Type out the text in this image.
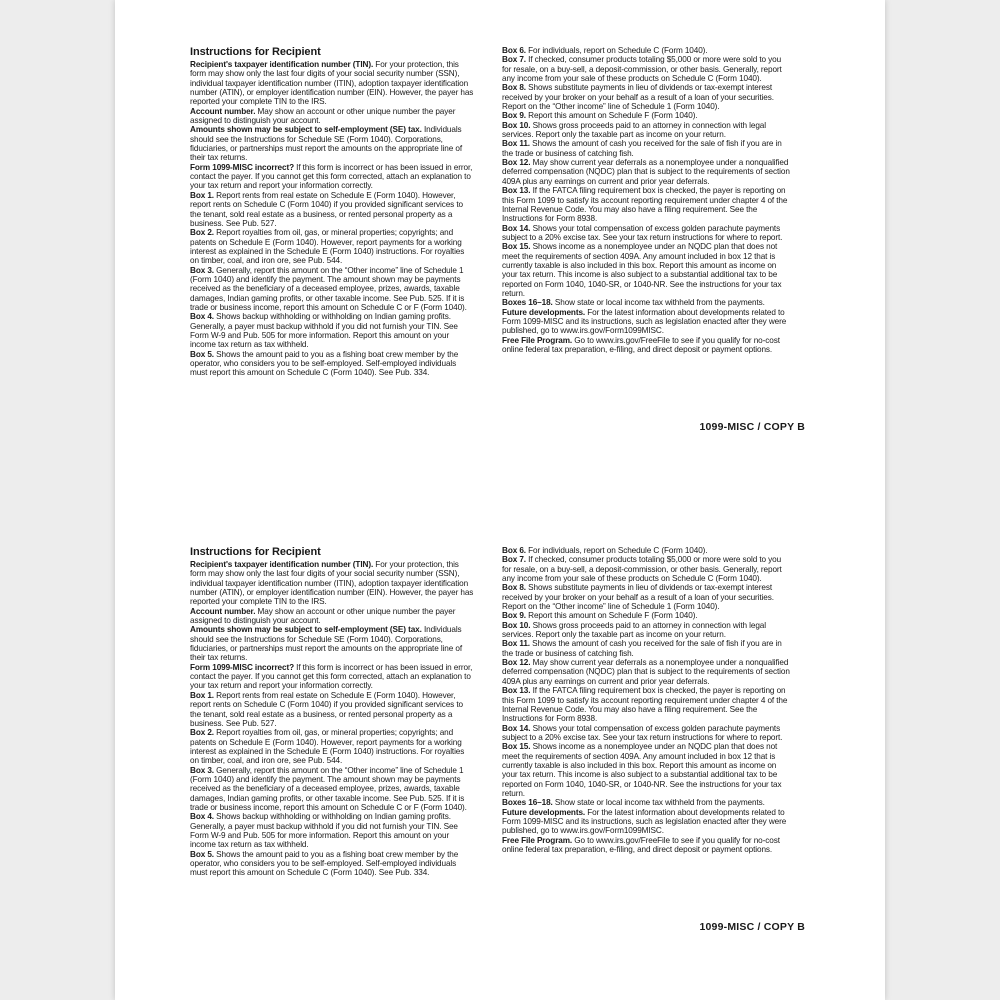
Instructions for Recipient

Recipient's taxpayer identification number (TIN). For your protection, this form may show only the last four digits of your social security number (SSN), individual taxpayer identification number (ITIN), adoption taxpayer identification number (ATIN), or employer identification number (EIN). However, the payer has reported your complete TIN to the IRS.

Account number. May show an account or other unique number the payer assigned to distinguish your account.

Amounts shown may be subject to self-employment (SE) tax. Individuals should see the Instructions for Schedule SE (Form 1040). Corporations, fiduciaries, or partnerships must report the amounts on the appropriate line of their tax returns.

Form 1099-MISC incorrect? If this form is incorrect or has been issued in error, contact the payer. If you cannot get this form corrected, attach an explanation to your tax return and report your information correctly.

Box 1. Report rents from real estate on Schedule E (Form 1040). However, report rents on Schedule C (Form 1040) if you provided significant services to the tenant, sold real estate as a business, or rented personal property as a business. See Pub. 527.

Box 2. Report royalties from oil, gas, or mineral properties; copyrights; and patents on Schedule E (Form 1040). However, report payments for a working interest as explained in the Schedule E (Form 1040) instructions. For royalties on timber, coal, and iron ore, see Pub. 544.

Box 3. Generally, report this amount on the “Other income” line of Schedule 1 (Form 1040) and identify the payment. The amount shown may be payments received as the beneficiary of a deceased employee, prizes, awards, taxable damages, Indian gaming profits, or other taxable income. See Pub. 525. If it is trade or business income, report this amount on Schedule C or F (Form 1040).

Box 4. Shows backup withholding or withholding on Indian gaming profits. Generally, a payer must backup withhold if you did not furnish your TIN. See Form W-9 and Pub. 505 for more information. Report this amount on your income tax return as tax withheld.

Box 5. Shows the amount paid to you as a fishing boat crew member by the operator, who considers you to be self-employed. Self-employed individuals must report this amount on Schedule C (Form 1040). See Pub. 334.

Box 6. For individuals, report on Schedule C (Form 1040).

Box 7. If checked, consumer products totaling $5,000 or more were sold to you for resale, on a buy-sell, a deposit-commission, or other basis. Generally, report any income from your sale of these products on Schedule C (Form 1040).

Box 8. Shows substitute payments in lieu of dividends or tax-exempt interest received by your broker on your behalf as a result of a loan of your securities. Report on the “Other income” line of Schedule 1 (Form 1040).

Box 9. Report this amount on Schedule F (Form 1040).

Box 10. Shows gross proceeds paid to an attorney in connection with legal services. Report only the taxable part as income on your return.

Box 11. Shows the amount of cash you received for the sale of fish if you are in the trade or business of catching fish.

Box 12. May show current year deferrals as a nonemployee under a nonqualified deferred compensation (NQDC) plan that is subject to the requirements of section 409A plus any earnings on current and prior year deferrals.

Box 13. If the FATCA filing requirement box is checked, the payer is reporting on this Form 1099 to satisfy its account reporting requirement under chapter 4 of the Internal Revenue Code. You may also have a filing requirement. See the Instructions for Form 8938.

Box 14. Shows your total compensation of excess golden parachute payments subject to a 20% excise tax. See your tax return instructions for where to report.

Box 15. Shows income as a nonemployee under an NQDC plan that does not meet the requirements of section 409A. Any amount included in box 12 that is currently taxable is also included in this box. Report this amount as income on your tax return. This income is also subject to a substantial additional tax to be reported on Form 1040, 1040-SR, or 1040-NR. See the instructions for your tax return.

Boxes 16–18. Show state or local income tax withheld from the payments.

Future developments. For the latest information about developments related to Form 1099-MISC and its instructions, such as legislation enacted after they were published, go to www.irs.gov/Form1099MISC.

Free File Program. Go to www.irs.gov/FreeFile to see if you qualify for no-cost online federal tax preparation, e-filing, and direct deposit or payment options.

1099-MISC / COPY B
Instructions for Recipient

Recipient's taxpayer identification number (TIN). For your protection, this form may show only the last four digits of your social security number (SSN), individual taxpayer identification number (ITIN), adoption taxpayer identification number (ATIN), or employer identification number (EIN). However, the payer has reported your complete TIN to the IRS.

Account number. May show an account or other unique number the payer assigned to distinguish your account.

Amounts shown may be subject to self-employment (SE) tax. Individuals should see the Instructions for Schedule SE (Form 1040). Corporations, fiduciaries, or partnerships must report the amounts on the appropriate line of their tax returns.

Form 1099-MISC incorrect? If this form is incorrect or has been issued in error, contact the payer. If you cannot get this form corrected, attach an explanation to your tax return and report your information correctly.

Box 1. Report rents from real estate on Schedule E (Form 1040). However, report rents on Schedule C (Form 1040) if you provided significant services to the tenant, sold real estate as a business, or rented personal property as a business. See Pub. 527.

Box 2. Report royalties from oil, gas, or mineral properties; copyrights; and patents on Schedule E (Form 1040). However, report payments for a working interest as explained in the Schedule E (Form 1040) instructions. For royalties on timber, coal, and iron ore, see Pub. 544.

Box 3. Generally, report this amount on the “Other income” line of Schedule 1 (Form 1040) and identify the payment. The amount shown may be payments received as the beneficiary of a deceased employee, prizes, awards, taxable damages, Indian gaming profits, or other taxable income. See Pub. 525. If it is trade or business income, report this amount on Schedule C or F (Form 1040).

Box 4. Shows backup withholding or withholding on Indian gaming profits. Generally, a payer must backup withhold if you did not furnish your TIN. See Form W-9 and Pub. 505 for more information. Report this amount on your income tax return as tax withheld.

Box 5. Shows the amount paid to you as a fishing boat crew member by the operator, who considers you to be self-employed. Self-employed individuals must report this amount on Schedule C (Form 1040). See Pub. 334.

Box 6. For individuals, report on Schedule C (Form 1040).

Box 7. If checked, consumer products totaling $5,000 or more were sold to you for resale, on a buy-sell, a deposit-commission, or other basis. Generally, report any income from your sale of these products on Schedule C (Form 1040).

Box 8. Shows substitute payments in lieu of dividends or tax-exempt interest received by your broker on your behalf as a result of a loan of your securities. Report on the “Other income” line of Schedule 1 (Form 1040).

Box 9. Report this amount on Schedule F (Form 1040).

Box 10. Shows gross proceeds paid to an attorney in connection with legal services. Report only the taxable part as income on your return.

Box 11. Shows the amount of cash you received for the sale of fish if you are in the trade or business of catching fish.

Box 12. May show current year deferrals as a nonemployee under a nonqualified deferred compensation (NQDC) plan that is subject to the requirements of section 409A plus any earnings on current and prior year deferrals.

Box 13. If the FATCA filing requirement box is checked, the payer is reporting on this Form 1099 to satisfy its account reporting requirement under chapter 4 of the Internal Revenue Code. You may also have a filing requirement. See the Instructions for Form 8938.

Box 14. Shows your total compensation of excess golden parachute payments subject to a 20% excise tax. See your tax return instructions for where to report.

Box 15. Shows income as a nonemployee under an NQDC plan that does not meet the requirements of section 409A. Any amount included in box 12 that is currently taxable is also included in this box. Report this amount as income on your tax return. This income is also subject to a substantial additional tax to be reported on Form 1040, 1040-SR, or 1040-NR. See the instructions for your tax return.

Boxes 16–18. Show state or local income tax withheld from the payments.

Future developments. For the latest information about developments related to Form 1099-MISC and its instructions, such as legislation enacted after they were published, go to www.irs.gov/Form1099MISC.

Free File Program. Go to www.irs.gov/FreeFile to see if you qualify for no-cost online federal tax preparation, e-filing, and direct deposit or payment options.

1099-MISC / COPY B
